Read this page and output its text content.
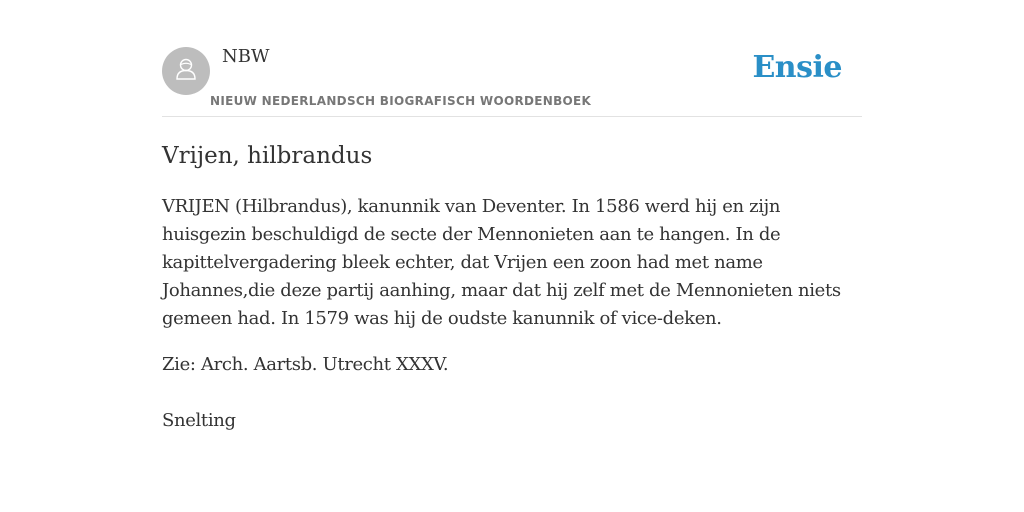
NBW
NIEUW NEDERLANDSCH BIOGRAFISCH WOORDENBOEK
Ensie
Vrijen, hilbrandus

VRIJEN (Hilbrandus), kanunnik van Deventer. In 1586 werd hij en zijn huisgezin beschuldigd de secte der Mennonieten aan te hangen. In de kapittelvergadering bleek echter, dat Vrijen een zoon had met name Johannes,die deze partij aanhing, maar dat hij zelf met de Mennonieten niets gemeen had. In 1579 was hij de oudste kanunnik of vice-deken.

Zie: Arch. Aartsb. Utrecht XXXV.

Snelting
